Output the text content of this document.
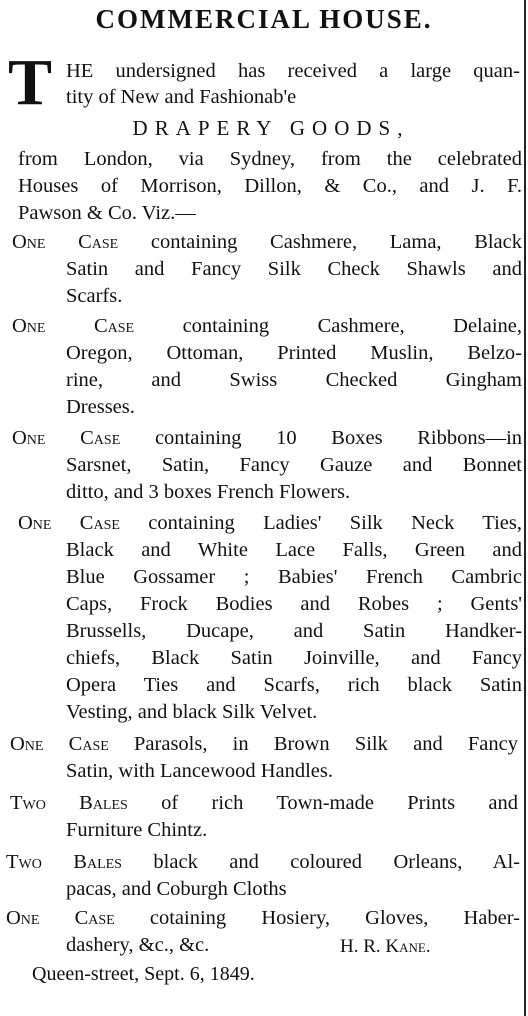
COMMERCIAL HOUSE.
T HE undersigned has received a large quan-
tity of New and Fashionab'e
DRAPERY GOODS,
from London, via Sydney, from the celebrated
Houses of Morrison, Dillon, & Co., and J. F.
Pawson & Co. Viz.—
One Case containing Cashmere, Lama, Black
Satin and Fancy Silk Check Shawls and
Scarfs.
One Case containing Cashmere, Delaine,
Oregon, Ottoman, Printed Muslin, Belzo-
rine, and Swiss Checked Gingham
Dresses.
One Case containing 10 Boxes Ribbons—in
Sarsnet, Satin, Fancy Gauze and Bonnet
ditto, and 3 boxes French Flowers.
One Case containing Ladies' Silk Neck Ties,
Black and White Lace Falls, Green and
Blue Gossamer ; Babies' French Cambric
Caps, Frock Bodies and Robes ; Gents'
Brussells, Ducape, and Satin Handker-
chiefs, Black Satin Joinville, and Fancy
Opera Ties and Scarfs, rich black Satin
Vesting, and black Silk Velvet.
One Case Parasols, in Brown Silk and Fancy
Satin, with Lancewood Handles.
Two Bales of rich Town-made Prints and
Furniture Chintz.
Two Bales black and coloured Orleans, Al-
pacas, and Coburgh Cloths
One Case cotaining Hosiery, Gloves, Haber-
dashery, &c., &c.	H. R. Kane.
Queen-street, Sept. 6, 1849.
